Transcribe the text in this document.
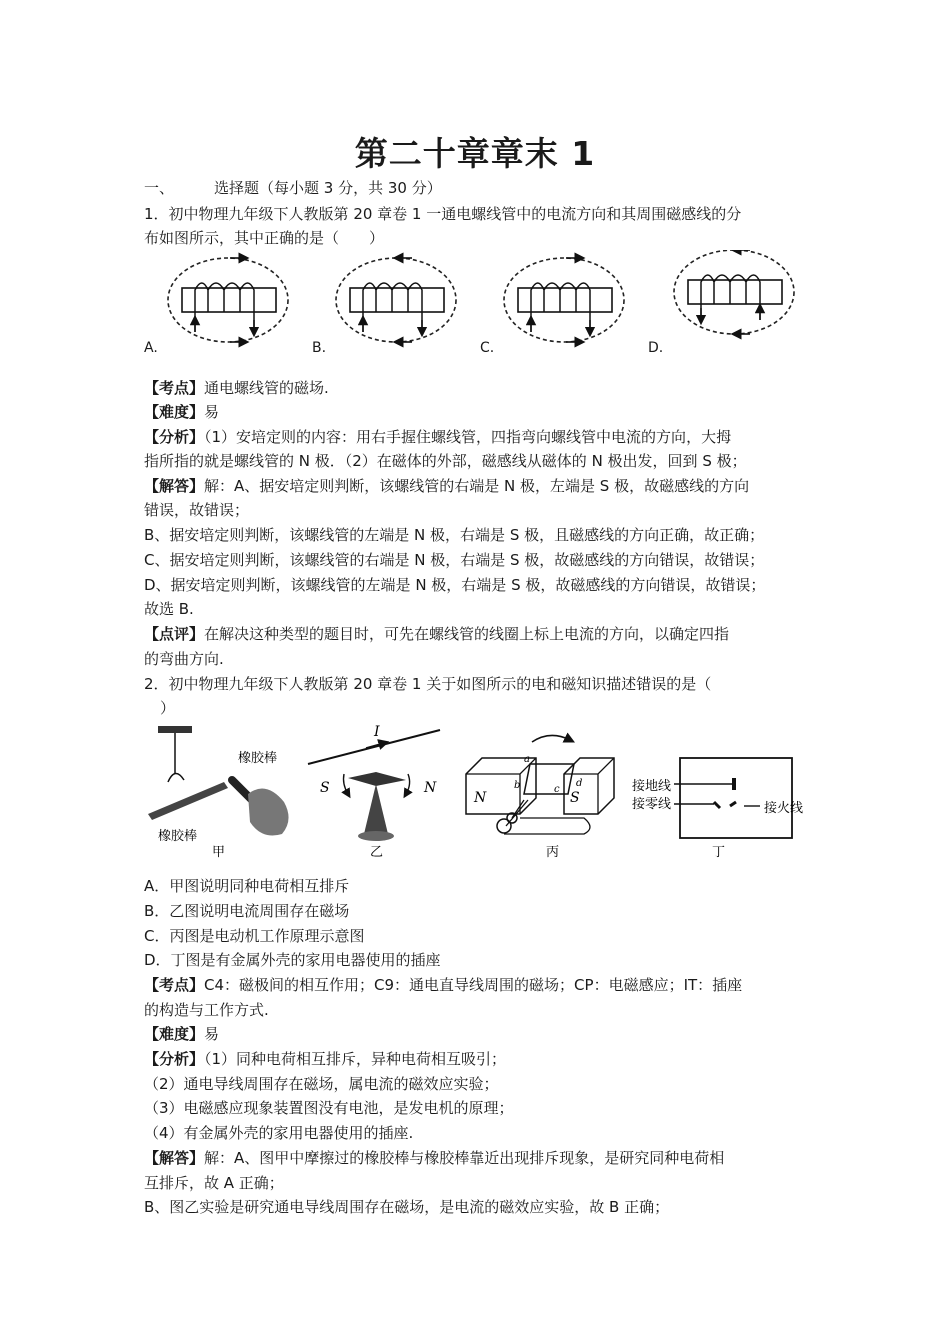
第二十章章末 1
一、	选择题（每小题 3 分，共 30 分）
1．初中物理九年级下人教版第 20 章卷 1 一通电螺线管中的电流方向和其周围磁感线的分
布如图所示，其中正确的是（　　）
A.	B.	C.	D.
【考点】通电螺线管的磁场.
【难度】易
【分析】（1）安培定则的内容：用右手握住螺线管，四指弯向螺线管中电流的方向，大拇
指所指的就是螺线管的 N 极．（2）在磁体的外部，磁感线从磁体的 N 极出发，回到 S 极；
【解答】解：A、据安培定则判断，该螺线管的右端是 N 极，左端是 S 极，故磁感线的方向
错误，故错误；
B、据安培定则判断，该螺线管的左端是 N 极，右端是 S 极，且磁感线的方向正确，故正确；
C、据安培定则判断，该螺线管的右端是 N 极，右端是 S 极，故磁感线的方向错误，故错误；
D、据安培定则判断，该螺线管的左端是 N 极，右端是 S 极，故磁感线的方向错误，故错误；
故选 B.
【点评】在解决这种类型的题目时，可先在螺线管的线圈上标上电流的方向，以确定四指
的弯曲方向.
2．初中物理九年级下人教版第 20 章卷 1 关于如图所示的电和磁知识描述错误的是（
）
橡胶棒
橡胶棒
甲
I
S	N
乙
N	S
a
b	c
d
丙
接地线
接零线	接火线
丁
A．甲图说明同种电荷相互排斥
B．乙图说明电流周围存在磁场
C．丙图是电动机工作原理示意图
D．丁图是有金属外壳的家用电器使用的插座
【考点】C4：磁极间的相互作用；C9：通电直导线周围的磁场；CP：电磁感应；IT：插座
的构造与工作方式.
【难度】易
【分析】（1）同种电荷相互排斥，异种电荷相互吸引；
（2）通电导线周围存在磁场，属电流的磁效应实验；
（3）电磁感应现象装置图没有电池，是发电机的原理；
（4）有金属外壳的家用电器使用的插座.
【解答】解：A、图甲中摩擦过的橡胶棒与橡胶棒靠近出现排斥现象，是研究同种电荷相
互排斥，故 A 正确；
B、图乙实验是研究通电导线周围存在磁场，是电流的磁效应实验，故 B 正确；
